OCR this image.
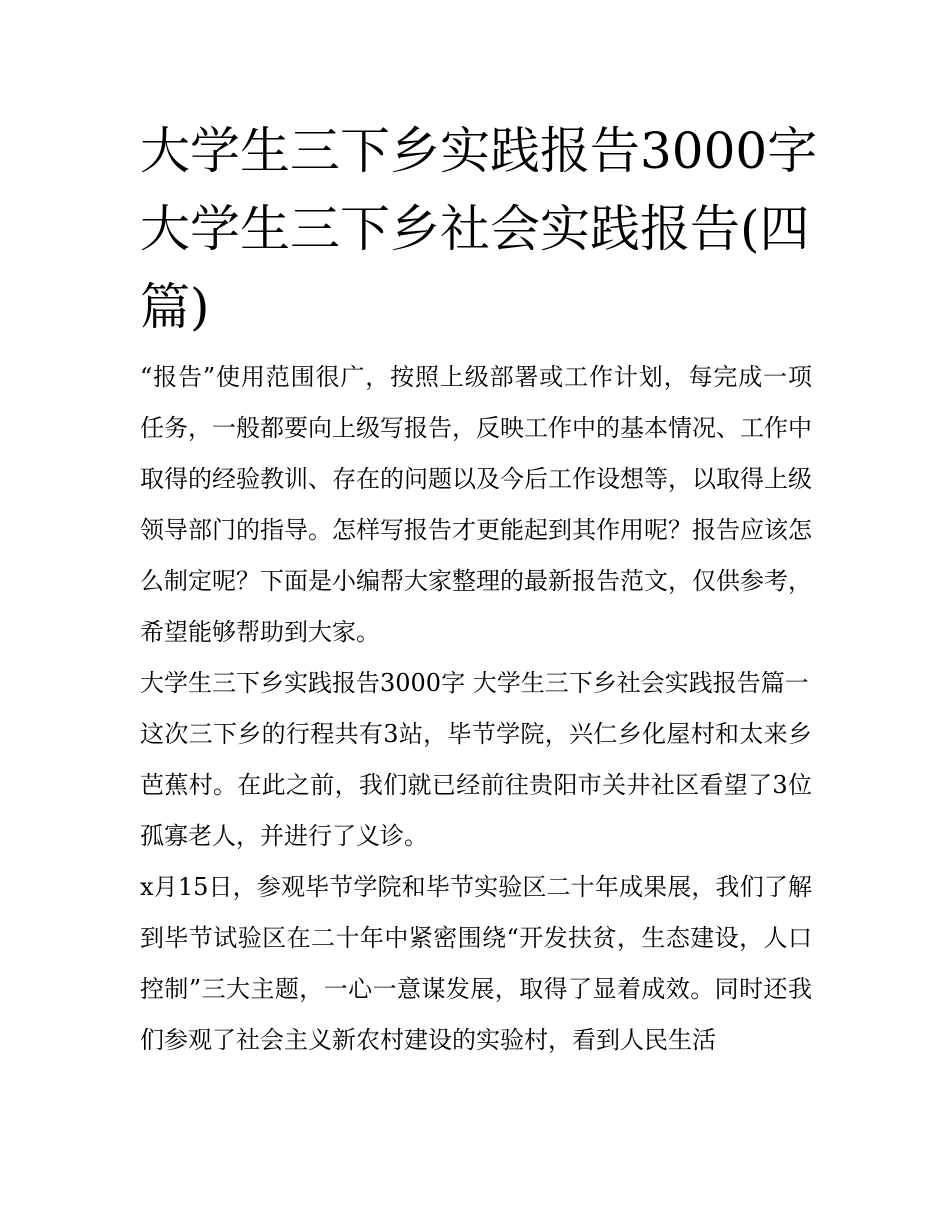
大学生三下乡实践报告3000字 大学生三下乡社会实践报告(四篇)

“报告”使用范围很广，按照上级部署或工作计划，每完成一项任务，一般都要向上级写报告，反映工作中的基本情况、工作中取得的经验教训、存在的问题以及今后工作设想等，以取得上级领导部门的指导。怎样写报告才更能起到其作用呢？报告应该怎么制定呢？下面是小编帮大家整理的最新报告范文，仅供参考，希望能够帮助到大家。

大学生三下乡实践报告3000字 大学生三下乡社会实践报告篇一

这次三下乡的行程共有3站，毕节学院，兴仁乡化屋村和太来乡芭蕉村。在此之前，我们就已经前往贵阳市关井社区看望了3位孤寡老人，并进行了义诊。

x月15日，参观毕节学院和毕节实验区二十年成果展，我们了解到毕节试验区在二十年中紧密围绕“开发扶贫，生态建设，人口控制”三大主题，一心一意谋发展，取得了显着成效。同时还我们参观了社会主义新农村建设的实验村，看到人民生活
